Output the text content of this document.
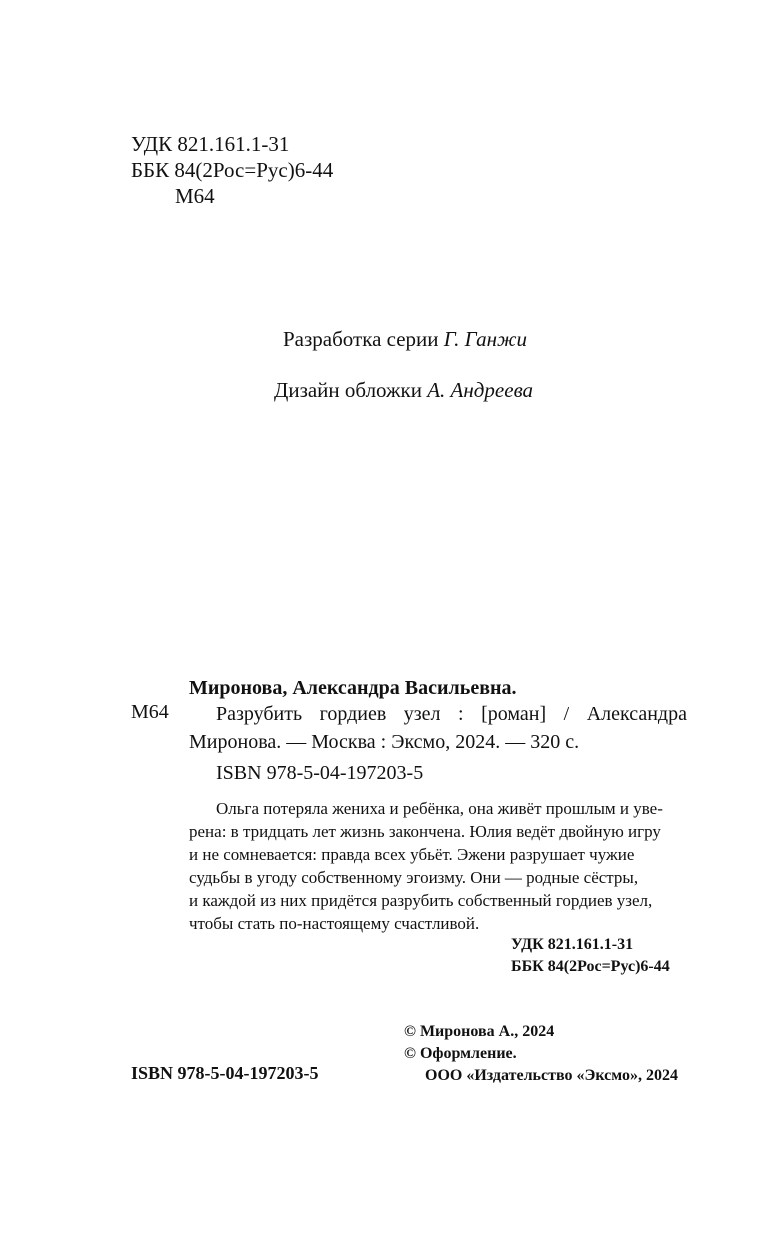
УДК 821.161.1-31
ББК 84(2Рос=Рус)6-44
М64
Разработка серии Г. Ганжи
Дизайн обложки А. Андреева
Миронова, Александра Васильевна.
М64 Разрубить гордиев узел : [роман] / Александра
Миронова. — Москва : Эксмо, 2024. — 320 с.
ISBN 978-5-04-197203-5
Ольга потеряла жениха и ребёнка, она живёт прошлым и уве-
рена: в тридцать лет жизнь закончена. Юлия ведёт двойную игру
и не сомневается: правда всех убьёт. Эжени разрушает чужие
судьбы в угоду собственному эгоизму. Они — родные сёстры,
и каждой из них придётся разрубить собственный гордиев узел,
чтобы стать по-настоящему счастливой.
УДК 821.161.1-31
ББК 84(2Рос=Рус)6-44
© Миронова А., 2024
© Оформление.
ООО «Издательство «Эксмо», 2024
ISBN 978-5-04-197203-5
